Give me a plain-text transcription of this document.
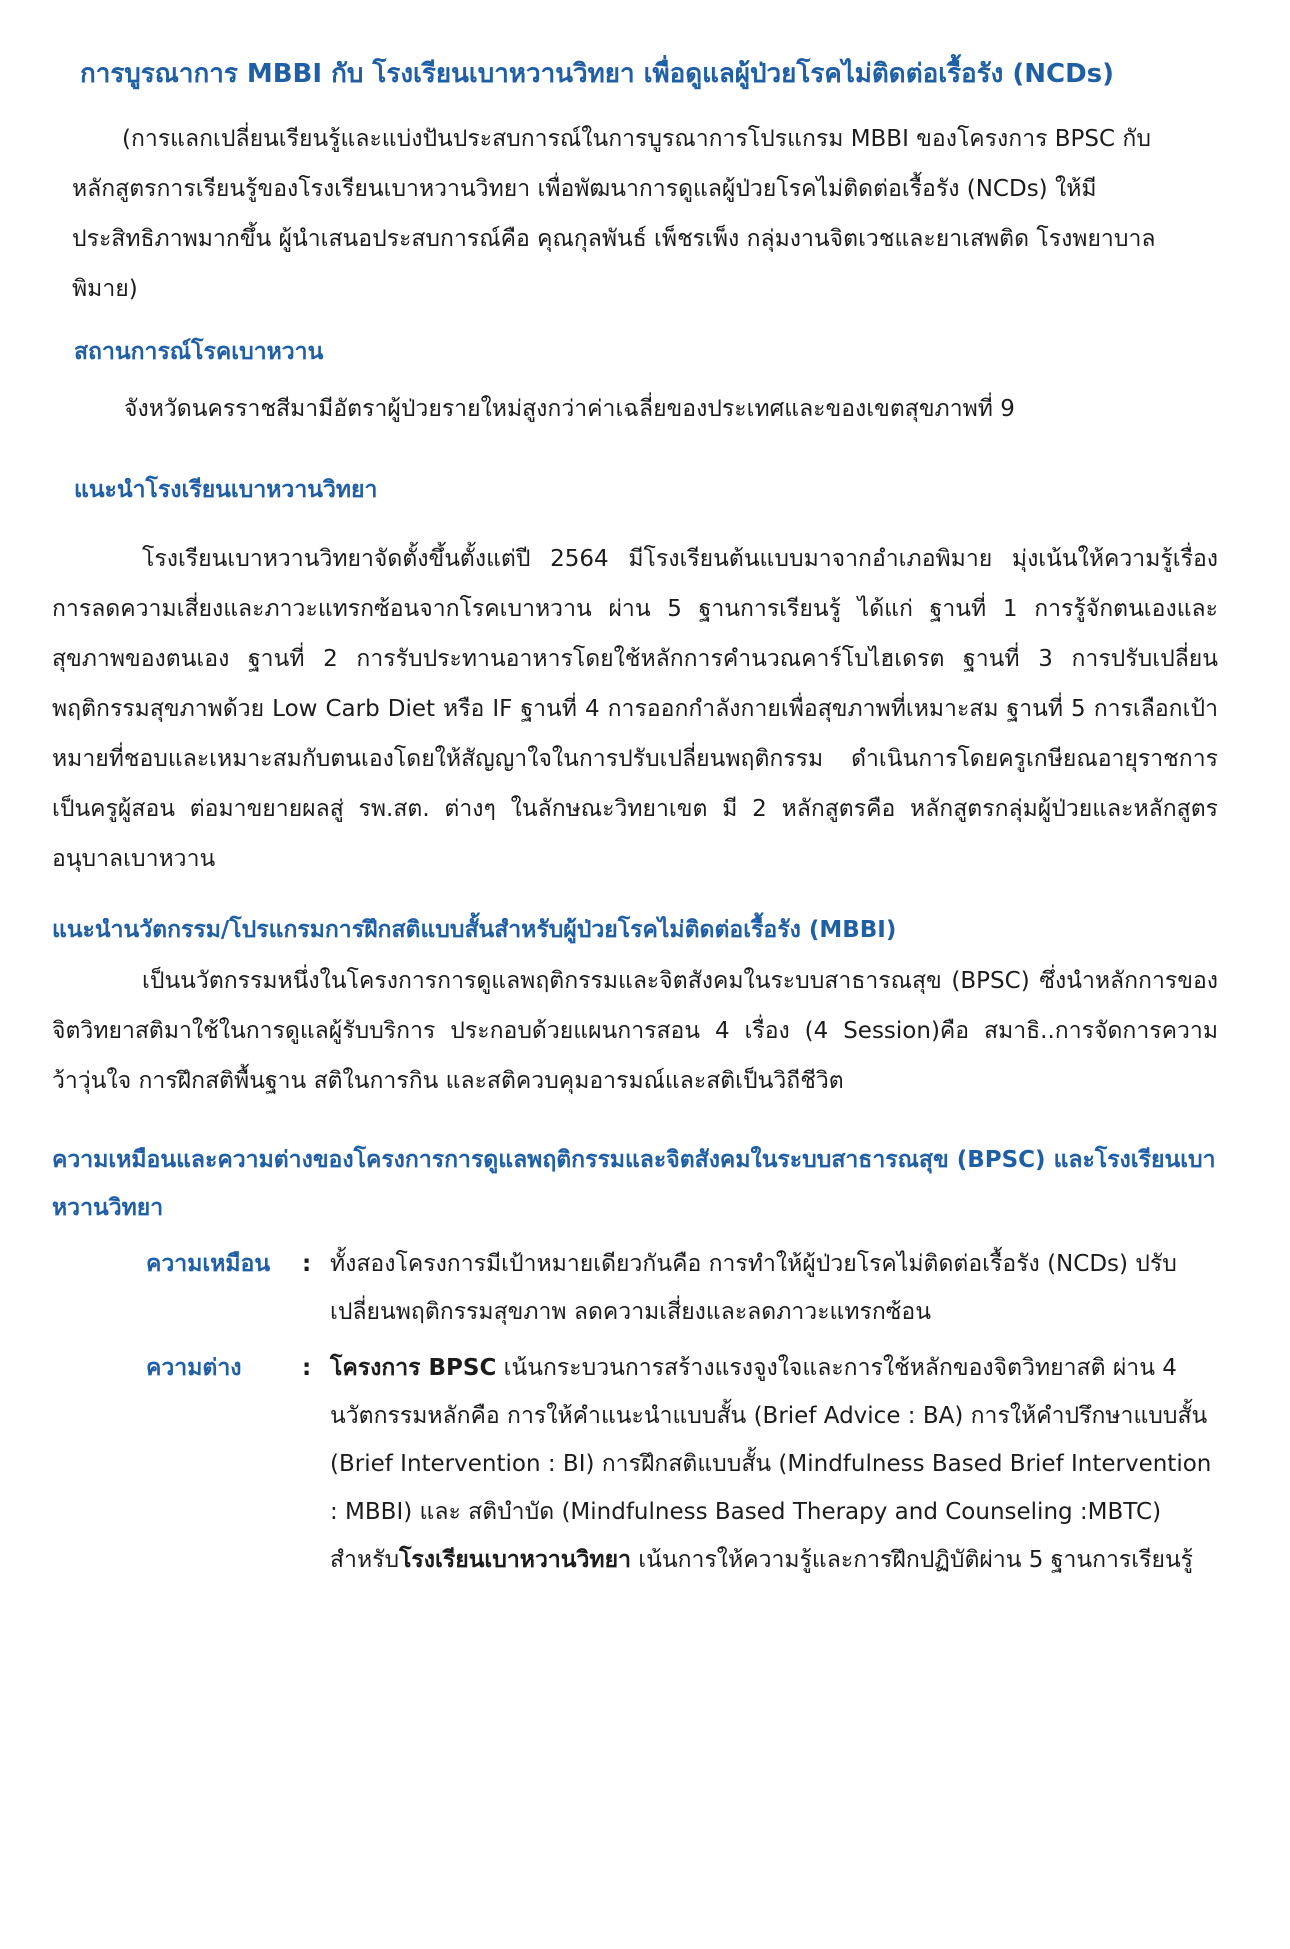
การบูรณาการ MBBI กับ โรงเรียนเบาหวานวิทยา เพื่อดูแลผู้ป่วยโรคไม่ติดต่อเรื้อรัง (NCDs)

(การแลกเปลี่ยนเรียนรู้และแบ่งปันประสบการณ์ในการบูรณาการโปรแกรม MBBI ของโครงการ BPSC กับหลักสูตรการเรียนรู้ของโรงเรียนเบาหวานวิทยา เพื่อพัฒนาการดูแลผู้ป่วยโรคไม่ติดต่อเรื้อรัง (NCDs) ให้มีประสิทธิภาพมากขึ้น ผู้นำเสนอประสบการณ์คือ คุณกุลพันธ์ เพ็ชรเพ็ง กลุ่มงานจิตเวชและยาเสพติด โรงพยาบาลพิมาย)

สถานการณ์โรคเบาหวาน

จังหวัดนครราชสีมามีอัตราผู้ป่วยรายใหม่สูงกว่าค่าเฉลี่ยของประเทศและของเขตสุขภาพที่ 9

แนะนำโรงเรียนเบาหวานวิทยา

โรงเรียนเบาหวานวิทยาจัดตั้งขึ้นตั้งแต่ปี 2564 มีโรงเรียนต้นแบบมาจากอำเภอพิมาย มุ่งเน้นให้ความรู้เรื่องการลดความเสี่ยงและภาวะแทรกซ้อนจากโรคเบาหวาน ผ่าน 5 ฐานการเรียนรู้ ได้แก่ ฐานที่ 1 การรู้จักตนเองและสุขภาพของตนเอง ฐานที่ 2 การรับประทานอาหารโดยใช้หลักการคำนวณคาร์โบไฮเดรต ฐานที่ 3 การปรับเปลี่ยนพฤติกรรมสุขภาพด้วย Low Carb Diet หรือ IF ฐานที่ 4 การออกกำลังกายเพื่อสุขภาพที่เหมาะสม ฐานที่ 5 การเลือกเป้าหมายที่ชอบและเหมาะสมกับตนเองโดยให้สัญญาใจในการปรับเปลี่ยนพฤติกรรม ดำเนินการโดยครูเกษียณอายุราชการเป็นครูผู้สอน ต่อมาขยายผลสู่ รพ.สต. ต่างๆ ในลักษณะวิทยาเขต มี 2 หลักสูตรคือ หลักสูตรกลุ่มผู้ป่วยและหลักสูตรอนุบาลเบาหวาน

แนะนำนวัตกรรม/โปรแกรมการฝึกสติแบบสั้นสำหรับผู้ป่วยโรคไม่ติดต่อเรื้อรัง (MBBI)

เป็นนวัตกรรมหนึ่งในโครงการการดูแลพฤติกรรมและจิตสังคมในระบบสาธารณสุข (BPSC) ซึ่งนำหลักการของจิตวิทยาสติมาใช้ในการดูแลผู้รับบริการ ประกอบด้วยแผนการสอน 4 เรื่อง (4 Session)คือ สมาธิ..การจัดการความว้าวุ่นใจ การฝึกสติพื้นฐาน สติในการกิน และสติควบคุมอารมณ์และสติเป็นวิถีชีวิต

ความเหมือนและความต่างของโครงการการดูแลพฤติกรรมและจิตสังคมในระบบสาธารณสุข (BPSC) และโรงเรียนเบาหวานวิทยา
ความเหมือน	: ทั้งสองโครงการมีเป้าหมายเดียวกันคือ การทำให้ผู้ป่วยโรคไม่ติดต่อเรื้อรัง (NCDs) ปรับเปลี่ยนพฤติกรรมสุขภาพ ลดความเสี่ยงและลดภาวะแทรกซ้อน
ความต่าง	: โครงการ BPSC เน้นกระบวนการสร้างแรงจูงใจและการใช้หลักของจิตวิทยาสติ ผ่าน 4 นวัตกรรมหลักคือ การให้คำแนะนำแบบสั้น (Brief Advice : BA) การให้คำปรึกษาแบบสั้น (Brief Intervention : BI) การฝึกสติแบบสั้น (Mindfulness Based Brief Intervention : MBBI) และ สติบำบัด (Mindfulness Based Therapy and Counseling :MBTC) สำหรับโรงเรียนเบาหวานวิทยา เน้นการให้ความรู้และการฝึกปฏิบัติผ่าน 5 ฐานการเรียนรู้
